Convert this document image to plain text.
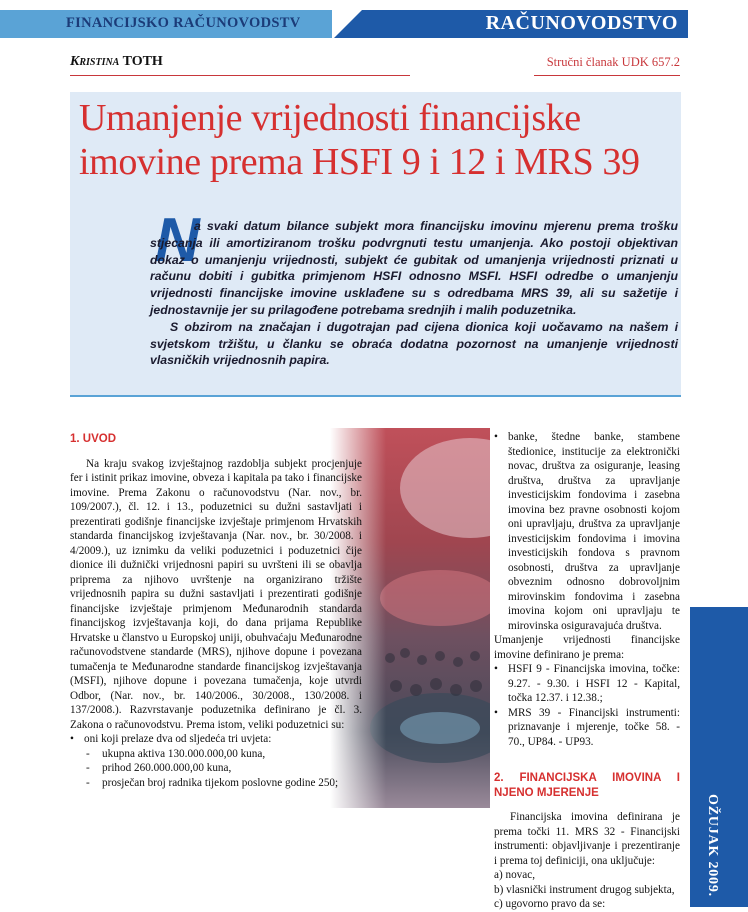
FINANCIJSKO RAČUNOVODSTVO	RAČUNOVODSTVO
Kristina TOTH	Stručni članak UDK 657.2
Umanjenje vrijednosti financijske imovine prema HSFI 9 i 12 i MRS 39
N

a svaki datum bilance subjekt mora financijsku imovinu mjerenu prema trošku stjecanja ili amortiziranom trošku podvrgnuti testu umanjenja. Ako postoji objektivan dokaz o umanjenju vrijednosti, subjekt će gubitak od umanjenja vrijednosti priznati u računu dobiti i gubitka primjenom HSFI odnosno MSFI. HSFI odredbe o umanjenju vrijednosti financijske imovine usklađene su s odredbama MRS 39, ali su sažetije i jednostavnije jer su prilagođene potrebama srednjih i malih poduzetnika.

S obzirom na značajan i dugotrajan pad cijena dionica koji uočavamo na našem i svjetskom tržištu, u članku se obraća dodatna pozornost na umanjenje vrijednosti vlasničkih vrijednosnih papira.

1. UVOD

Na kraju svakog izvještajnog razdoblja subjekt procjenjuje fer i istinit prikaz imovine, obveza i kapitala pa tako i financijske imovine. Prema Zakonu o računovodstvu (Nar. nov., br. 109/2007.), čl. 12. i 13., poduzetnici su dužni sastavljati i prezentirati godišnje financijske izvještaje primjenom Hrvatskih standarda financijskog izvještavanja (Nar. nov., br. 30/2008. i 4/2009.), uz iznimku da veliki poduzetnici i poduzetnici čije dionice ili dužnički vrijednosni papiri su uvršteni ili se obavlja priprema za njihovo uvrštenje na organizirano tržište vrijednosnih papira su dužni sastavljati i prezentirati godišnje financijske izvještaje primjenom Međunarodnih standarda financijskog izvještavanja koji, do dana prijama Republike Hrvatske u članstvo u Europskoj uniji, obuhvaćaju Međunarodne računovodstvene standarde (MRS), njihove dopune i povezana tumačenja te Međunarodne standarde financijskog izvještavanja (MSFI), njihove dopune i povezana tumačenja, koje utvrdi Odbor, (Nar. nov., br. 140/2006., 30/2008., 130/2008. i 137/2008.). Razvrstavanje poduzetnika definirano je čl. 3. Zakona o računovodstvu. Prema istom, veliki poduzetnici su:

• oni koji prelaze dva od sljedeća tri uvjeta:

- ukupna aktiva 130.000.000,00 kuna,

- prihod 260.000.000,00 kuna,

- prosječan broj radnika tijekom poslovne godine 250;

• banke, štedne banke, stambene štedionice, institucije za elektronički novac, društva za osiguranje, leasing društva, društva za upravljanje investicijskim fondovima i zasebna imovina bez pravne osobnosti kojom oni upravljaju, društva za upravljanje investicijskim fondovima i imovina investicijskih fondova s pravnom osobnosti, društva za upravljanje obveznim odnosno dobrovoljnim mirovinskim fondovima i zasebna imovina kojom oni upravljaju te mirovinska osiguravajuća društva.

Umanjenje vrijednosti financijske imovine definirano je prema:

• HSFI 9 - Financijska imovina, točke: 9.27. - 9.30. i HSFI 12 - Kapital, točka 12.37. i 12.38.;

• MRS 39 - Financijski instrumenti: priznavanje i mjerenje, točke 58. - 70., UP84. - UP93.

2. FINANCIJSKA IMOVINA I NJENO MJERENJE

Financijska imovina definirana je prema točki 11. MRS 32 - Financijski instrumenti: objavljivanje i prezentiranje i prema toj definiciji, ona uključuje:

a) novac,

b) vlasnički instrument drugog subjekta,

c) ugovorno pravo da se:

OŽUJAK 2009.
